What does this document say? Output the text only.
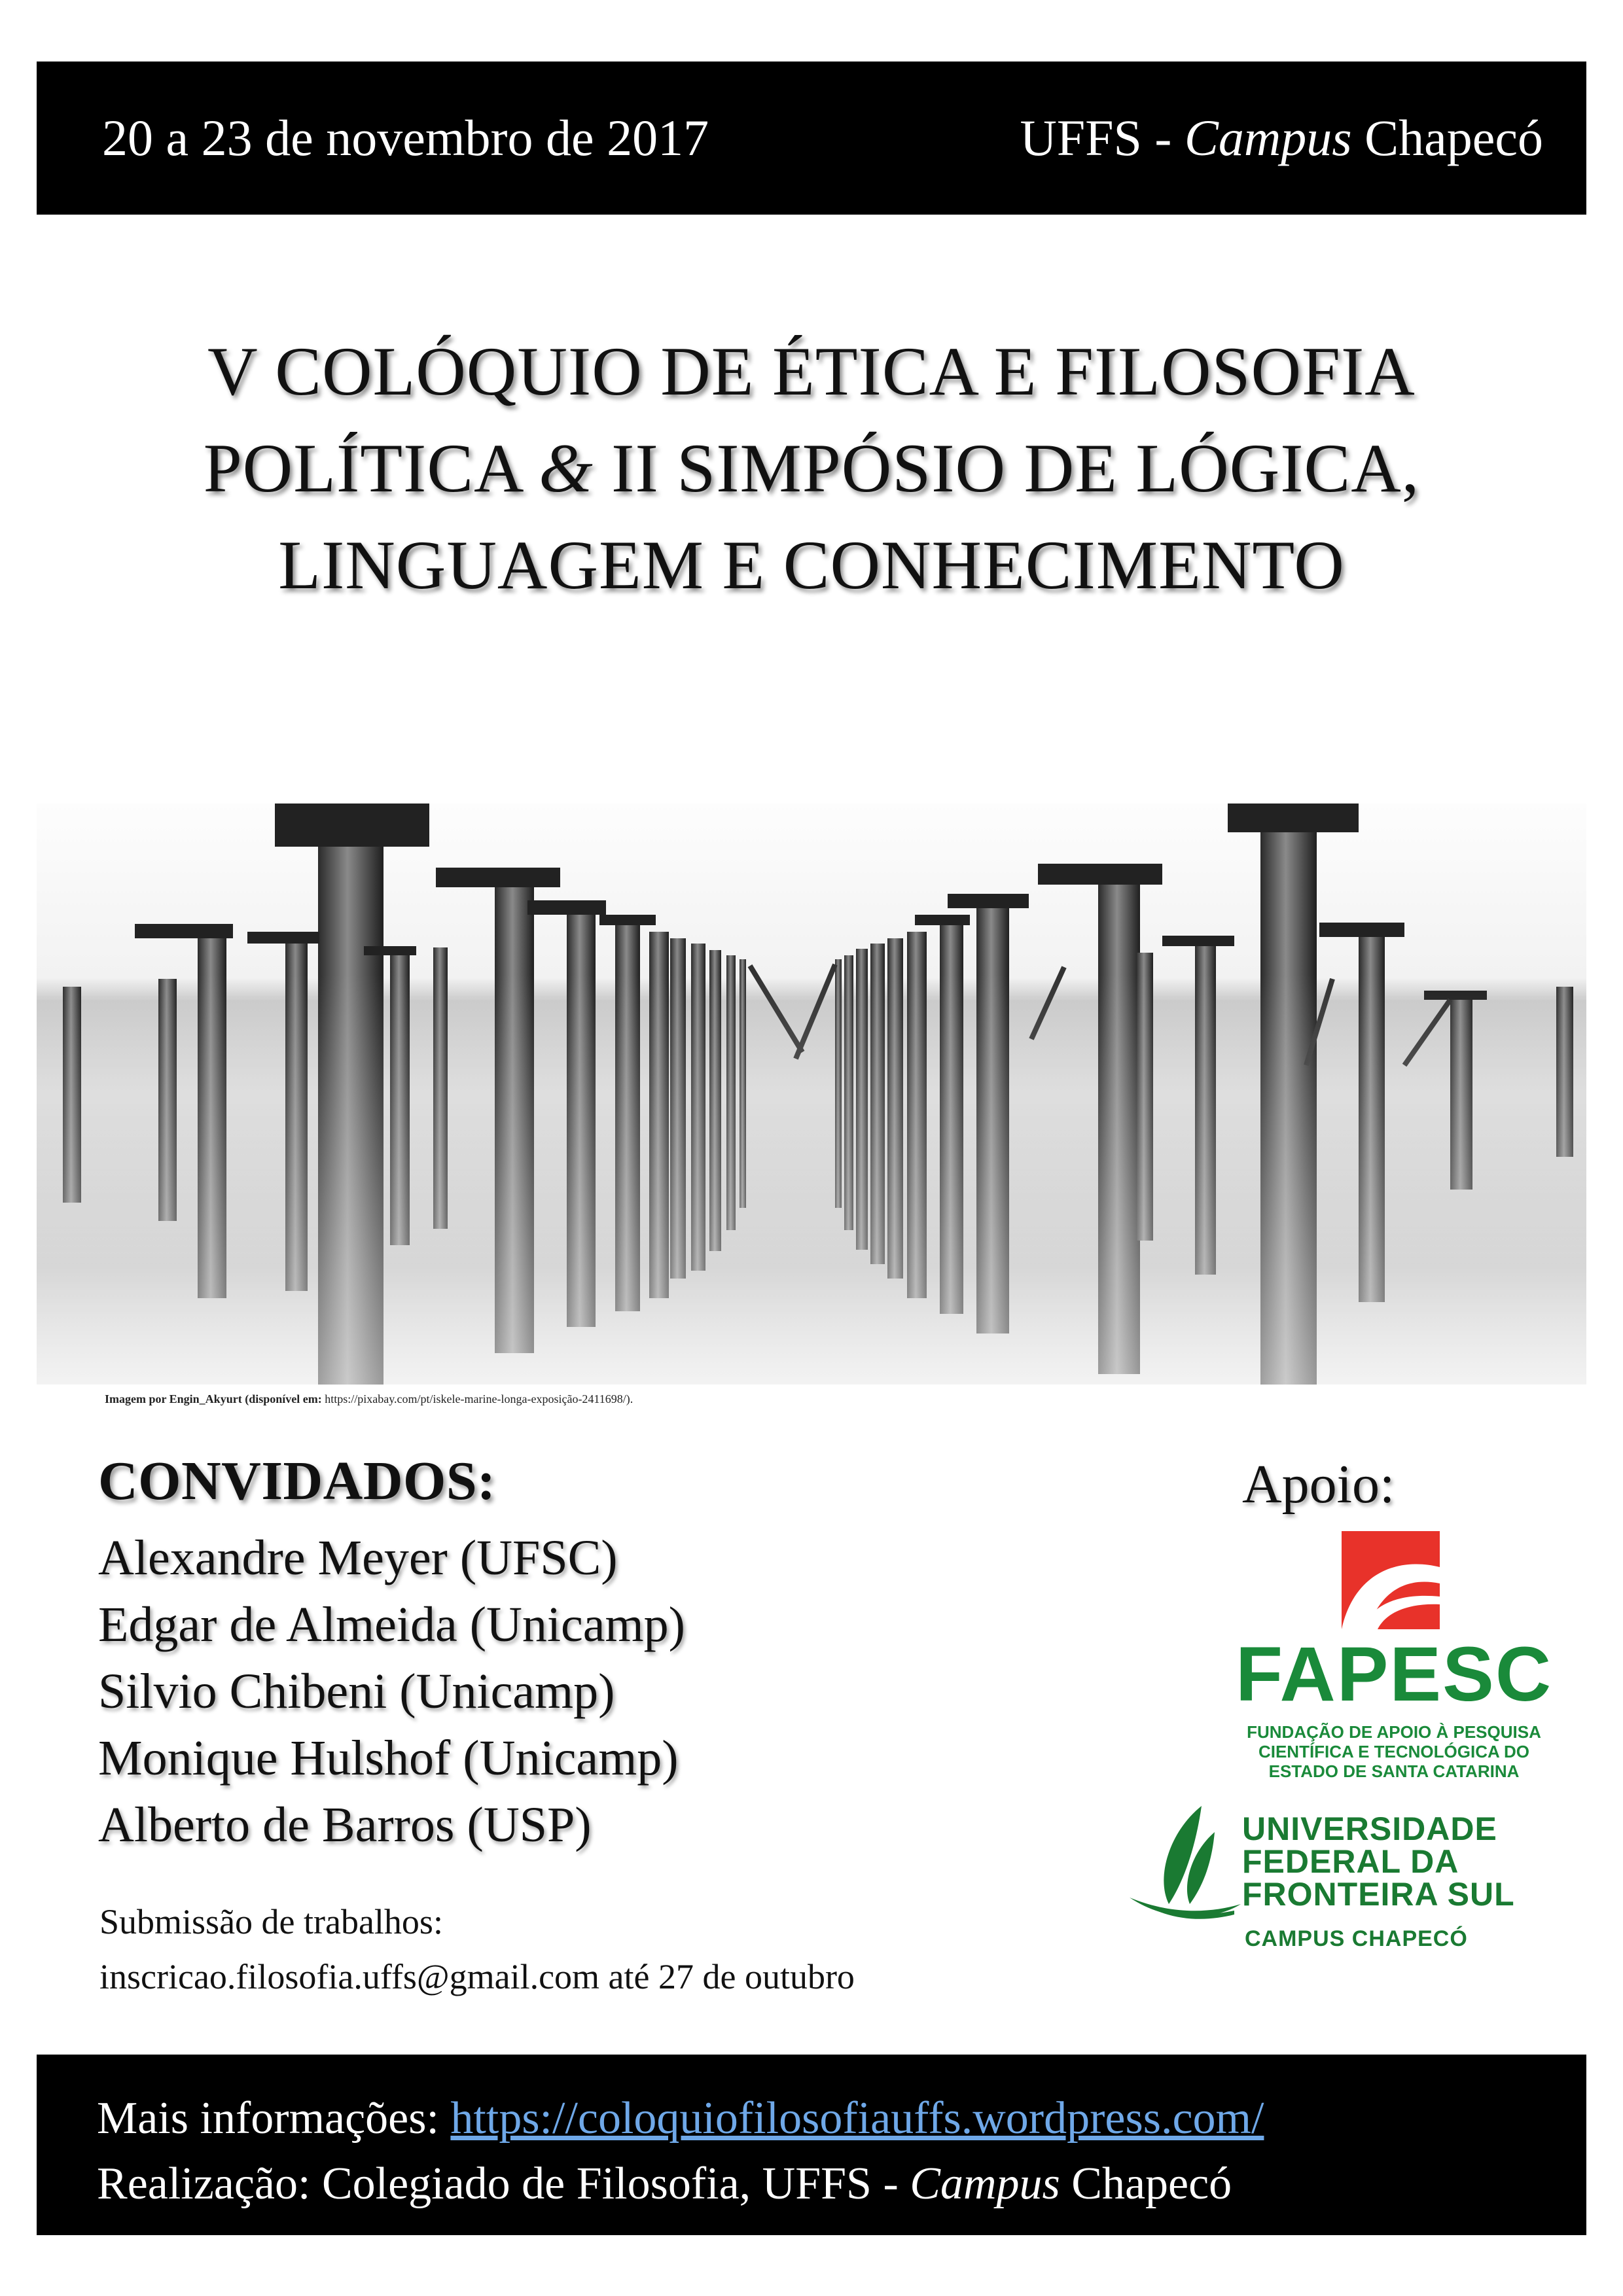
20 a 23 de novembro de 2017	UFFS - Campus Chapecó
V COLÓQUIO DE ÉTICA E FILOSOFIA
POLÍTICA & II SIMPÓSIO DE LÓGICA,
LINGUAGEM E CONHECIMENTO
Imagem por Engin_Akyurt (disponível em: https://pixabay.com/pt/iskele-marine-longa-exposição-2411698/).
CONVIDADOS:
Alexandre Meyer (UFSC)
Edgar de Almeida (Unicamp)
Silvio Chibeni (Unicamp)
Monique Hulshof (Unicamp)
Alberto de Barros (USP)
Submissão de trabalhos:
inscricao.filosofia.uffs@gmail.com até 27 de outubro
Apoio:
FAPESC
FUNDAÇÃO DE APOIO À PESQUISA
CIENTÍFICA E TECNOLÓGICA DO
ESTADO DE SANTA CATARINA
UNIVERSIDADE
FEDERAL DA
FRONTEIRA SUL
CAMPUS CHAPECÓ
Mais informações: https://coloquiofilosofiauffs.wordpress.com/
Realização: Colegiado de Filosofia, UFFS - Campus Chapecó
